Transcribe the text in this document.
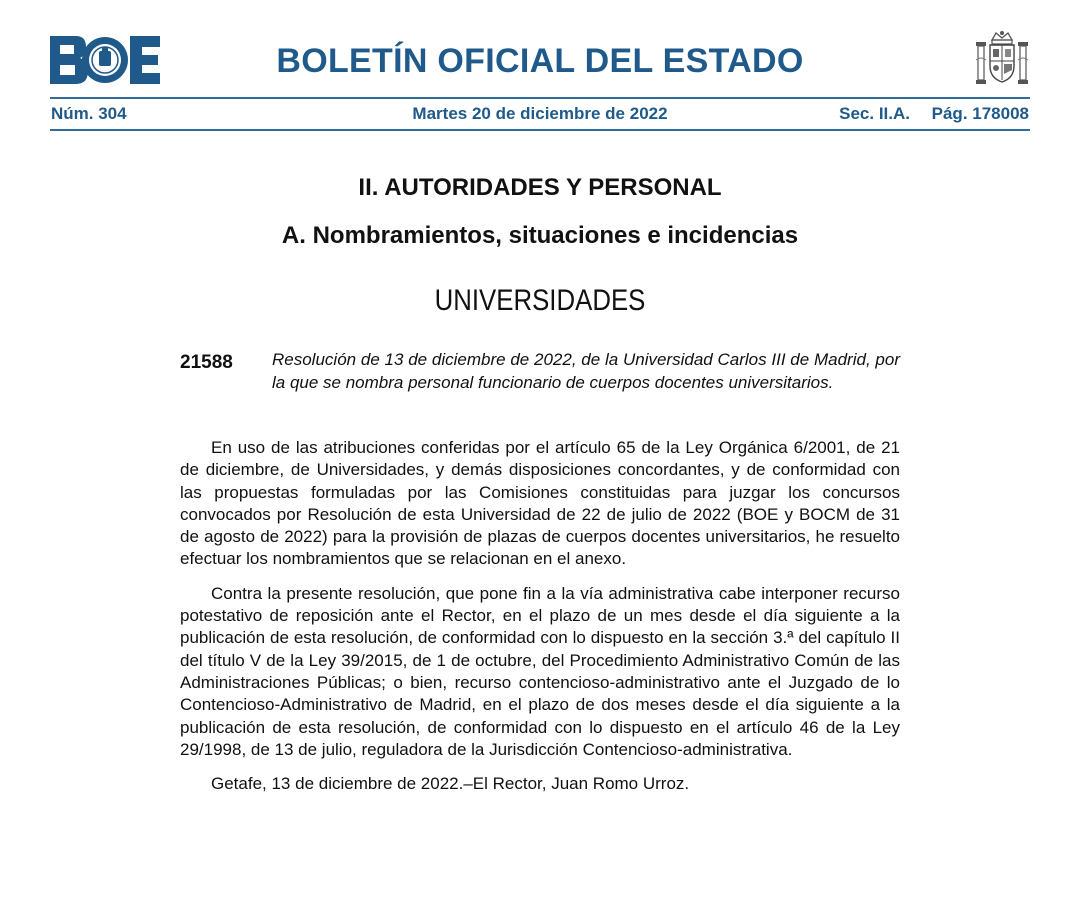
BOLETÍN OFICIAL DEL ESTADO
Núm. 304	Martes 20 de diciembre de 2022	Sec. II.A. Pág. 178008
II. AUTORIDADES Y PERSONAL
A. Nombramientos, situaciones e incidencias
UNIVERSIDADES
21588 Resolución de 13 de diciembre de 2022, de la Universidad Carlos III de Madrid, por la que se nombra personal funcionario de cuerpos docentes universitarios.

En uso de las atribuciones conferidas por el artículo 65 de la Ley Orgánica 6/2001, de 21 de diciembre, de Universidades, y demás disposiciones concordantes, y de conformidad con las propuestas formuladas por las Comisiones constituidas para juzgar los concursos convocados por Resolución de esta Universidad de 22 de julio de 2022 (BOE y BOCM de 31 de agosto de 2022) para la provisión de plazas de cuerpos docentes universitarios, he resuelto efectuar los nombramientos que se relacionan en el anexo.

Contra la presente resolución, que pone fin a la vía administrativa cabe interponer recurso potestativo de reposición ante el Rector, en el plazo de un mes desde el día siguiente a la publicación de esta resolución, de conformidad con lo dispuesto en la sección 3.ª del capítulo II del título V de la Ley 39/2015, de 1 de octubre, del Procedimiento Administrativo Común de las Administraciones Públicas; o bien, recurso contencioso-administrativo ante el Juzgado de lo Contencioso-Administrativo de Madrid, en el plazo de dos meses desde el día siguiente a la publicación de esta resolución, de conformidad con lo dispuesto en el artículo 46 de la Ley 29/1998, de 13 de julio, reguladora de la Jurisdicción Contencioso-administrativa.

Getafe, 13 de diciembre de 2022.–El Rector, Juan Romo Urroz.
